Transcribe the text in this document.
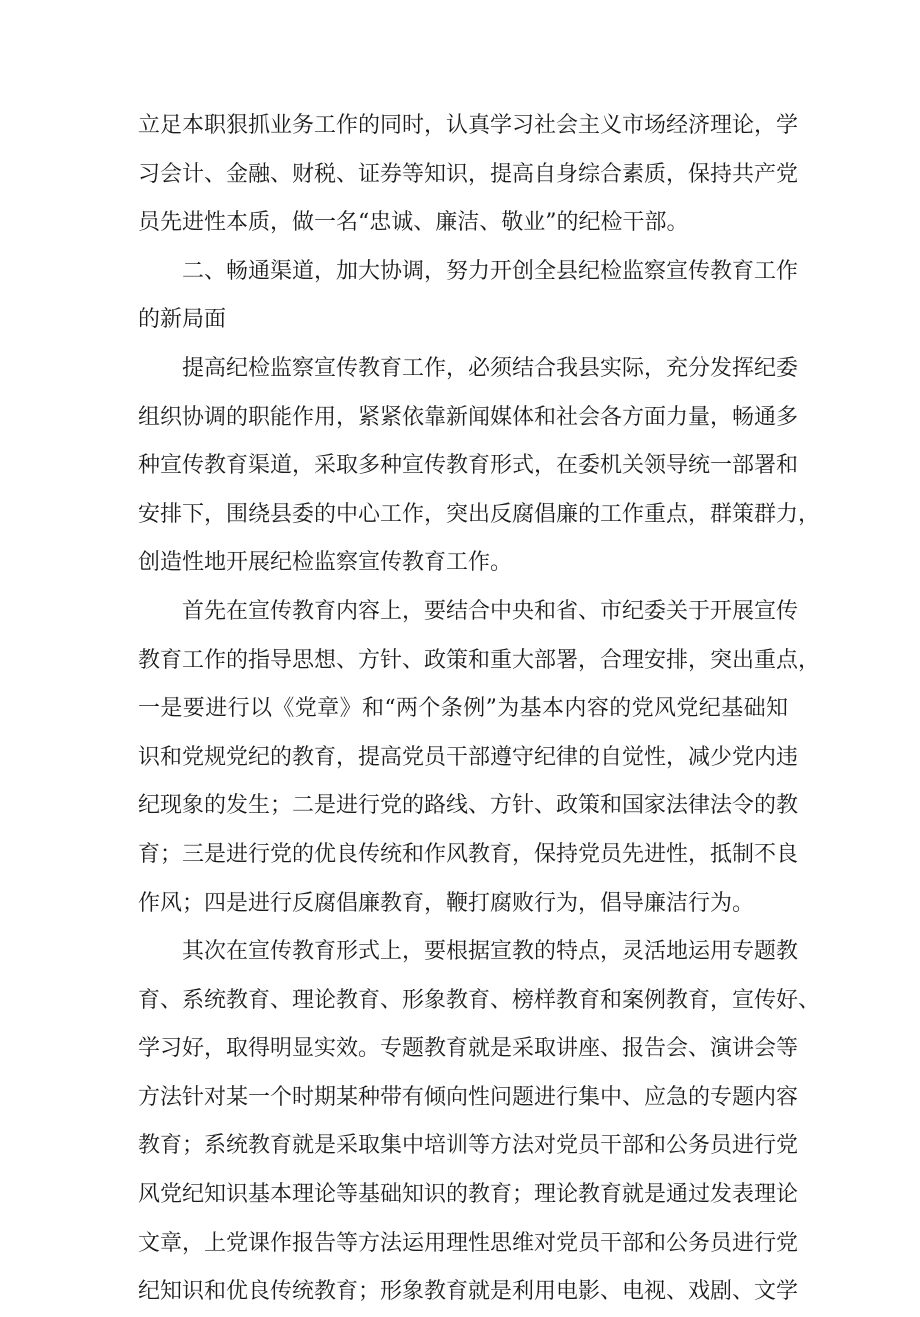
立足本职狠抓业务工作的同时，认真学习社会主义市场经济理论，学
习会计、金融、财税、证券等知识，提高自身综合素质，保持共产党
员先进性本质，做一名“忠诚、廉洁、敬业”的纪检干部。
二、畅通渠道，加大协调，努力开创全县纪检监察宣传教育工作
的新局面
提高纪检监察宣传教育工作，必须结合我县实际，充分发挥纪委
组织协调的职能作用，紧紧依靠新闻媒体和社会各方面力量，畅通多
种宣传教育渠道，采取多种宣传教育形式，在委机关领导统一部署和
安排下，围绕县委的中心工作，突出反腐倡廉的工作重点，群策群力，
创造性地开展纪检监察宣传教育工作。
首先在宣传教育内容上，要结合中央和省、市纪委关于开展宣传
教育工作的指导思想、方针、政策和重大部署，合理安排，突出重点，
一是要进行以《党章》和“两个条例”为基本内容的党风党纪基础知
识和党规党纪的教育，提高党员干部遵守纪律的自觉性，减少党内违
纪现象的发生；二是进行党的路线、方针、政策和国家法律法令的教
育；三是进行党的优良传统和作风教育，保持党员先进性，抵制不良
作风；四是进行反腐倡廉教育，鞭打腐败行为，倡导廉洁行为。
其次在宣传教育形式上，要根据宣教的特点，灵活地运用专题教
育、系统教育、理论教育、形象教育、榜样教育和案例教育，宣传好、
学习好，取得明显实效。专题教育就是采取讲座、报告会、演讲会等
方法针对某一个时期某种带有倾向性问题进行集中、应急的专题内容
教育；系统教育就是采取集中培训等方法对党员干部和公务员进行党
风党纪知识基本理论等基础知识的教育；理论教育就是通过发表理论
文章，上党课作报告等方法运用理性思维对党员干部和公务员进行党
纪知识和优良传统教育；形象教育就是利用电影、电视、戏剧、文学
